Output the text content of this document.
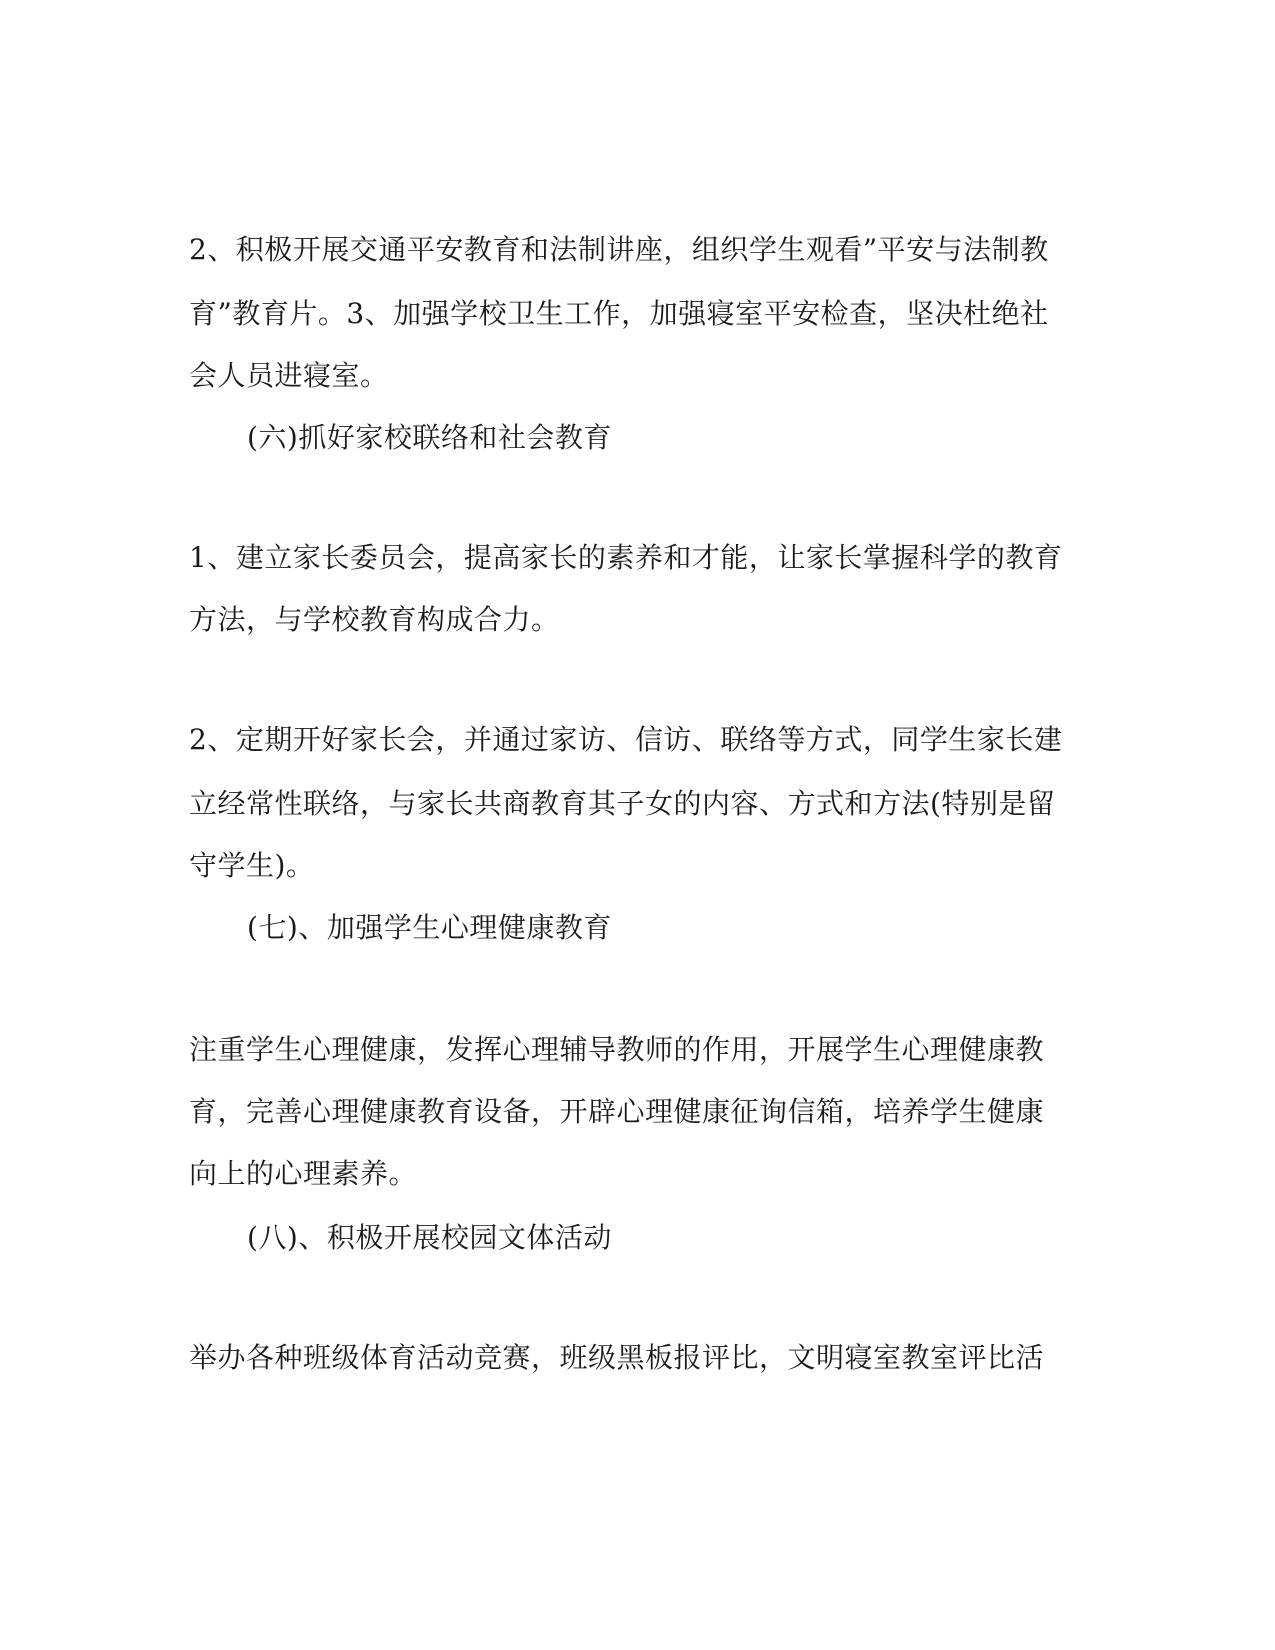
2、积极开展交通平安教育和法制讲座，组织学生观看”平安与法制教
育”教育片。3、加强学校卫生工作，加强寝室平安检查，坚决杜绝社
会人员进寝室。
(六)抓好家校联络和社会教育
1、建立家长委员会，提高家长的素养和才能，让家长掌握科学的教育
方法，与学校教育构成合力。
2、定期开好家长会，并通过家访、信访、联络等方式，同学生家长建
立经常性联络，与家长共商教育其子女的内容、方式和方法(特别是留
守学生)。
(七)、加强学生心理健康教育
注重学生心理健康，发挥心理辅导教师的作用，开展学生心理健康教
育，完善心理健康教育设备，开辟心理健康征询信箱，培养学生健康
向上的心理素养。
(八)、积极开展校园文体活动
举办各种班级体育活动竞赛，班级黑板报评比，文明寝室教室评比活
